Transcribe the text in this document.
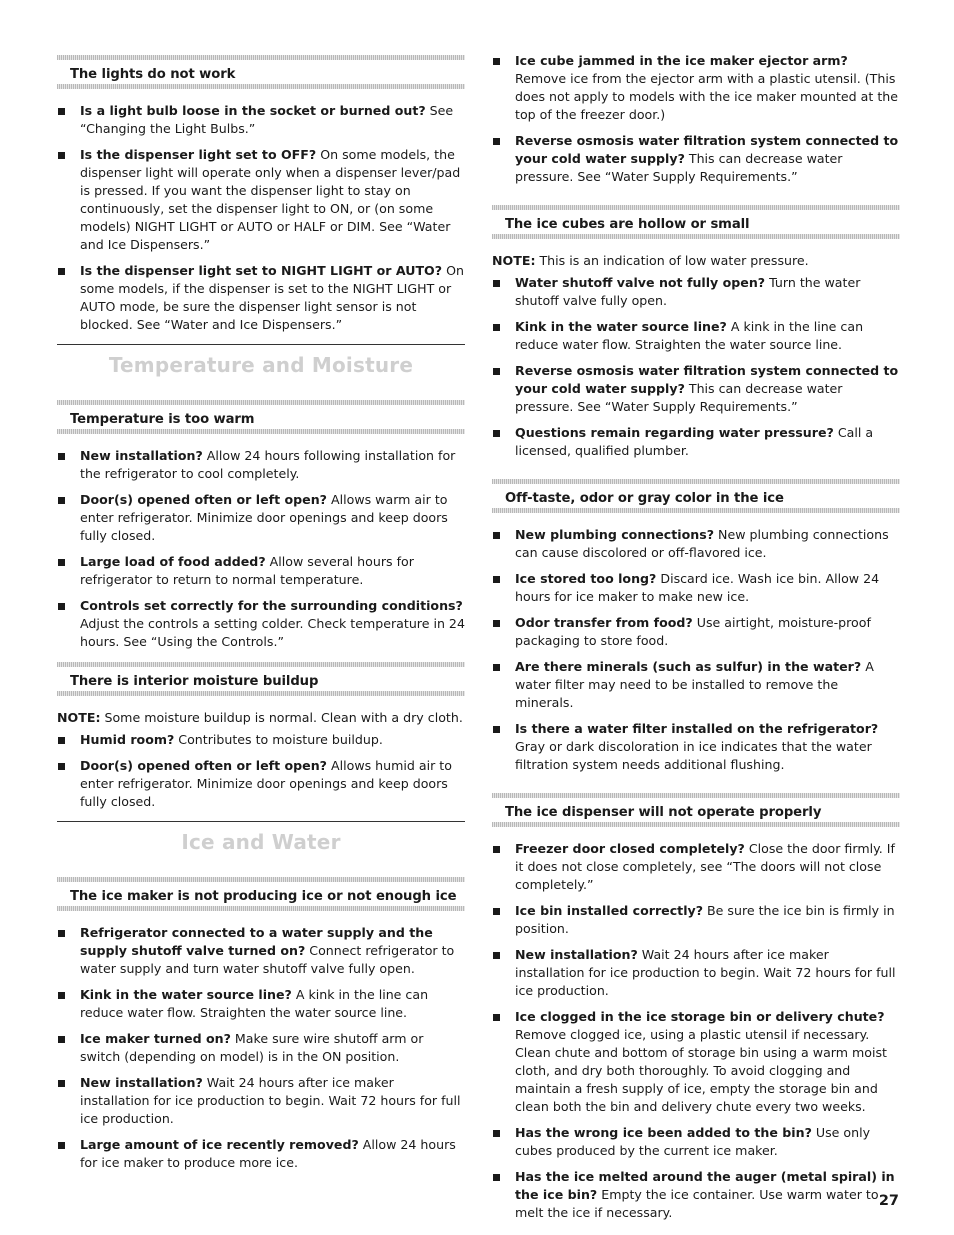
The lights do not work
Is a light bulb loose in the socket or burned out? See “Changing the Light Bulbs.”
Is the dispenser light set to OFF? On some models, the dispenser light will operate only when a dispenser lever/pad is pressed. If you want the dispenser light to stay on continuously, set the dispenser light to ON, or (on some models) NIGHT LIGHT or AUTO or HALF or DIM. See “Water and Ice Dispensers.”
Is the dispenser light set to NIGHT LIGHT or AUTO? On some models, if the dispenser is set to the NIGHT LIGHT or AUTO mode, be sure the dispenser light sensor is not blocked. See “Water and Ice Dispensers.”
Temperature and Moisture
Temperature is too warm
New installation? Allow 24 hours following installation for the refrigerator to cool completely.
Door(s) opened often or left open? Allows warm air to enter refrigerator. Minimize door openings and keep doors fully closed.
Large load of food added? Allow several hours for refrigerator to return to normal temperature.
Controls set correctly for the surrounding conditions? Adjust the controls a setting colder. Check temperature in 24 hours. See “Using the Controls.”
There is interior moisture buildup
NOTE: Some moisture buildup is normal. Clean with a dry cloth.
Humid room? Contributes to moisture buildup.
Door(s) opened often or left open? Allows humid air to enter refrigerator. Minimize door openings and keep doors fully closed.
Ice and Water
The ice maker is not producing ice or not enough ice
Refrigerator connected to a water supply and the supply shutoff valve turned on? Connect refrigerator to water supply and turn water shutoff valve fully open.
Kink in the water source line? A kink in the line can reduce water flow. Straighten the water source line.
Ice maker turned on? Make sure wire shutoff arm or switch (depending on model) is in the ON position.
New installation? Wait 24 hours after ice maker installation for ice production to begin. Wait 72 hours for full ice production.
Large amount of ice recently removed? Allow 24 hours for ice maker to produce more ice.
Ice cube jammed in the ice maker ejector arm? Remove ice from the ejector arm with a plastic utensil. (This does not apply to models with the ice maker mounted at the top of the freezer door.)
Reverse osmosis water filtration system connected to your cold water supply? This can decrease water pressure. See “Water Supply Requirements.”
The ice cubes are hollow or small
NOTE: This is an indication of low water pressure.
Water shutoff valve not fully open? Turn the water shutoff valve fully open.
Kink in the water source line? A kink in the line can reduce water flow. Straighten the water source line.
Reverse osmosis water filtration system connected to your cold water supply? This can decrease water pressure. See “Water Supply Requirements.”
Questions remain regarding water pressure? Call a licensed, qualified plumber.
Off-taste, odor or gray color in the ice
New plumbing connections? New plumbing connections can cause discolored or off-flavored ice.
Ice stored too long? Discard ice. Wash ice bin. Allow 24 hours for ice maker to make new ice.
Odor transfer from food? Use airtight, moisture-proof packaging to store food.
Are there minerals (such as sulfur) in the water? A water filter may need to be installed to remove the minerals.
Is there a water filter installed on the refrigerator? Gray or dark discoloration in ice indicates that the water filtration system needs additional flushing.
The ice dispenser will not operate properly
Freezer door closed completely? Close the door firmly. If it does not close completely, see “The doors will not close completely.”
Ice bin installed correctly? Be sure the ice bin is firmly in position.
New installation? Wait 24 hours after ice maker installation for ice production to begin. Wait 72 hours for full ice production.
Ice clogged in the ice storage bin or delivery chute? Remove clogged ice, using a plastic utensil if necessary. Clean chute and bottom of storage bin using a warm moist cloth, and dry both thoroughly. To avoid clogging and maintain a fresh supply of ice, empty the storage bin and clean both the bin and delivery chute every two weeks.
Has the wrong ice been added to the bin? Use only cubes produced by the current ice maker.
Has the ice melted around the auger (metal spiral) in the ice bin? Empty the ice container. Use warm water to melt the ice if necessary.
27
